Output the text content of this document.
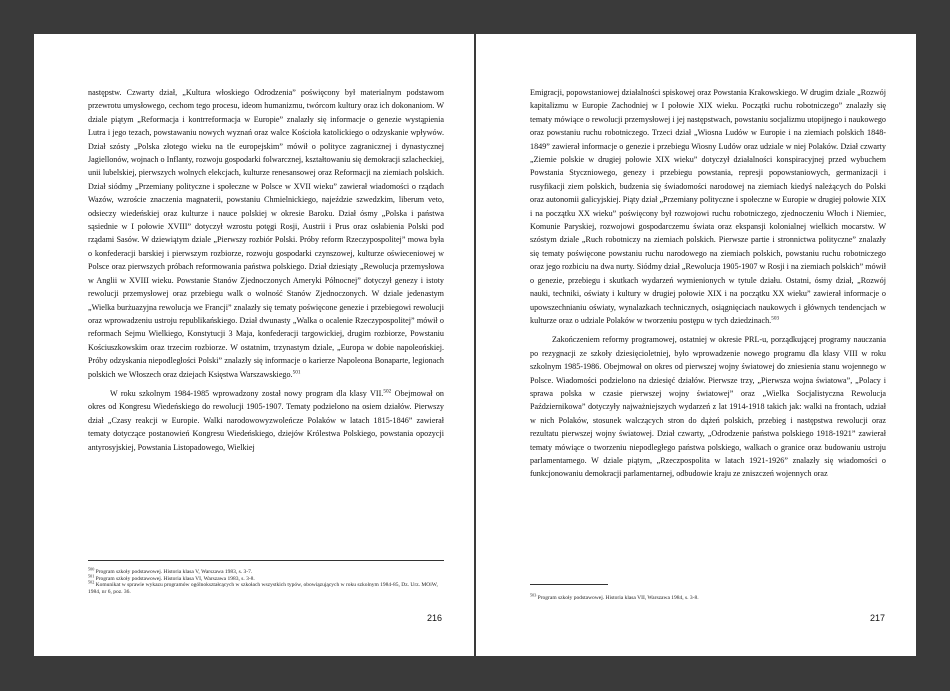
następstw. Czwarty dział, „Kultura włoskiego Odrodzenia” poświęcony był materialnym podstawom przewrotu umysłowego, cechom tego procesu, ideom humanizmu, twórcom kultury oraz ich dokonaniom. W dziale piątym „Reformacja i kontrreformacja w Europie” znalazły się informacje o genezie wystąpienia Lutra i jego tezach, powstawaniu nowych wyznań oraz walce Kościoła katolickiego o odzyskanie wpływów. Dział szósty „Polska złotego wieku na tle europejskim” mówił o polityce zagranicznej i dynastycznej Jagiellonów, wojnach o Inflanty, rozwoju gospodarki folwarcznej, kształtowaniu się demokracji szlacheckiej, unii lubelskiej, pierwszych wolnych elekcjach, kulturze renesansowej oraz Reformacji na ziemiach polskich. Dział siódmy „Przemiany polityczne i społeczne w Polsce w XVII wieku” zawierał wiadomości o rządach Wazów, wzroście znaczenia magnaterii, powstaniu Chmielnickiego, najeździe szwedzkim, liberum veto, odsieczy wiedeńskiej oraz kulturze i nauce polskiej w okresie Baroku. Dział ósmy „Polska i państwa sąsiednie w I połowie XVIII” dotyczył wzrostu potęgi Rosji, Austrii i Prus oraz osłabienia Polski pod rządami Sasów. W dziewiątym dziale „Pierwszy rozbiór Polski. Próby reform Rzeczypospolitej” mowa była o konfederacji barskiej i pierwszym rozbiorze, rozwoju gospodarki czynszowej, kulturze oświeceniowej w Polsce oraz pierwszych próbach reformowania państwa polskiego. Dział dziesiąty „Rewolucja przemysłowa w Anglii w XVIII wieku. Powstanie Stanów Zjednoczonych Ameryki Północnej” dotyczył genezy i istoty rewolucji przemysłowej oraz przebiegu walk o wolność Stanów Zjednoczonych. W dziale jedenastym „Wielka burżuazyjna rewolucja we Francji” znalazły się tematy poświęcone genezie i przebiegowi rewolucji oraz wprowadzeniu ustroju republikańskiego. Dział dwunasty „Walka o ocalenie Rzeczypospolitej” mówił o reformach Sejmu Wielkiego, Konstytucji 3 Maja, konfederacji targowickiej, drugim rozbiorze, Powstaniu Kościuszkowskim oraz trzecim rozbiorze. W ostatnim, trzynastym dziale, „Europa w dobie napoleońskiej. Próby odzyskania niepodległości Polski” znalazły się informacje o karierze Napoleona Bonaparte, legionach polskich we Włoszech oraz dziejach Księstwa Warszawskiego.$^{501}$

W roku szkolnym 1984-1985 wprowadzony został nowy program dla klasy VII.$^{502}$ Obejmował on okres od Kongresu Wiedeńskiego do rewolucji 1905-1907. Tematy podzielono na osiem działów. Pierwszy dział „Czasy reakcji w Europie. Walki narodowowyzwoleńcze Polaków w latach 1815-1846” zawierał tematy dotyczące postanowień Kongresu Wiedeńskiego, dziejów Królestwa Polskiego, powstania opozycji antyrosyjskiej, Powstania Listopadowego, Wielkiej

$^{500}$ Program szkoły podstawowej. Historia klasa V, Warszawa 1983, s. 3-7.
$^{501}$ Program szkoły podstawowej. Historia klasa VI, Warszawa 1983, s. 3-8.
$^{502}$ Komunikat w sprawie wykazu programów ogólnokształcących w szkołach wszystkich typów, obowiązujących w roku szkolnym 1984-85, Dz. Urz. MOiW, 1984, nr 6, poz. 36.
216

Emigracji, popowstaniowej działalności spiskowej oraz Powstania Krakowskiego. W drugim dziale „Rozwój kapitalizmu w Europie Zachodniej w I połowie XIX wieku. Początki ruchu robotniczego” znalazły się tematy mówiące o rewolucji przemysłowej i jej następstwach, powstaniu socjalizmu utopijnego i naukowego oraz powstaniu ruchu robotniczego. Trzeci dział „Wiosna Ludów w Europie i na ziemiach polskich 1848-1849” zawierał informacje o genezie i przebiegu Wiosny Ludów oraz udziale w niej Polaków. Dział czwarty „Ziemie polskie w drugiej połowie XIX wieku” dotyczył działalności konspiracyjnej przed wybuchem Powstania Styczniowego, genezy i przebiegu powstania, represji popowstaniowych, germanizacji i rusyfikacji ziem polskich, budzenia się świadomości narodowej na ziemiach kiedyś należących do Polski oraz autonomii galicyjskiej. Piąty dział „Przemiany polityczne i społeczne w Europie w drugiej połowie XIX i na początku XX wieku” poświęcony był rozwojowi ruchu robotniczego, zjednoczeniu Włoch i Niemiec, Komunie Paryskiej, rozwojowi gospodarczemu świata oraz ekspansji kolonialnej wielkich mocarstw. W szóstym dziale „Ruch robotniczy na ziemiach polskich. Pierwsze partie i stronnictwa polityczne” znalazły się tematy poświęcone powstaniu ruchu narodowego na ziemiach polskich, powstaniu ruchu robotniczego oraz jego rozbiciu na dwa nurty. Siódmy dział „Rewolucja 1905-1907 w Rosji i na ziemiach polskich” mówił o genezie, przebiegu i skutkach wydarzeń wymienionych w tytule działu. Ostatni, ósmy dział, „Rozwój nauki, techniki, oświaty i kultury w drugiej połowie XIX i na początku XX wieku” zawierał informacje o upowszechnianiu oświaty, wynalazkach technicznych, osiągnięciach naukowych i głównych tendencjach w kulturze oraz o udziale Polaków w tworzeniu postępu w tych dziedzinach.$^{503}$

Zakończeniem reformy programowej, ostatniej w okresie PRL-u, porządkującej programy nauczania po rezygnacji ze szkoły dziesięcioletniej, było wprowadzenie nowego programu dla klasy VIII w roku szkolnym 1985-1986. Obejmował on okres od pierwszej wojny światowej do zniesienia stanu wojennego w Polsce. Wiadomości podzielono na dziesięć działów. Pierwsze trzy, „Pierwsza wojna światowa”, „Polacy i sprawa polska w czasie pierwszej wojny światowej” oraz „Wielka Socjalistyczna Rewolucja Październikowa” dotyczyły najważniejszych wydarzeń z lat 1914-1918 takich jak: walki na frontach, udział w nich Polaków, stosunek walczących stron do dążeń polskich, przebieg i następstwa rewolucji oraz rezultatu pierwszej wojny światowej. Dział czwarty, „Odrodzenie państwa polskiego 1918-1921” zawierał tematy mówiące o tworzeniu niepodległego państwa polskiego, walkach o granice oraz budowaniu ustroju parlamentarnego. W dziale piątym, „Rzeczpospolita w latach 1921-1926” znalazły się wiadomości o funkcjonowaniu demokracji parlamentarnej, odbudowie kraju ze zniszczeń wojennych oraz

$^{503}$ Program szkoły podstawowej. Historia klasa VII, Warszawa 1984, s. 3-8.
217
